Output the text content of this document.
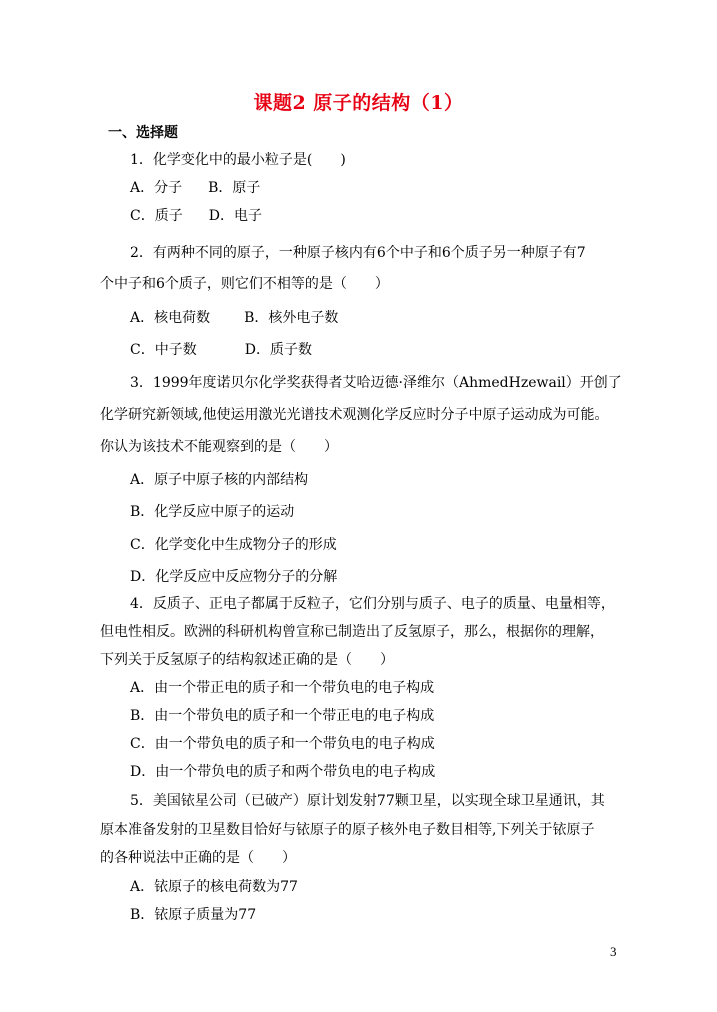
课题2 原子的结构（1）
一、选择题
1．化学变化中的最小粒子是(　　)
A．分子 B．原子
C．质子 D．电子
2．有两种不同的原子，一种原子核内有6个中子和6个质子另一种原子有7
个中子和6个质子，则它们不相等的是（　　）
A．核电荷数 B．核外电子数
C．中子数	D．质子数
3．1999年度诺贝尔化学奖获得者艾哈迈德·泽维尔（AhmedHzewail）开创了
化学研究新领域,他使运用激光光谱技术观测化学反应时分子中原子运动成为可能。
你认为该技术不能观察到的是（　　）
A．原子中原子核的内部结构
B．化学反应中原子的运动
C．化学变化中生成物分子的形成
D．化学反应中反应物分子的分解
4．反质子、正电子都属于反粒子，它们分别与质子、电子的质量、电量相等，
但电性相反。欧洲的科研机构曾宣称已制造出了反氢原子，那么，根据你的理解，
下列关于反氢原子的结构叙述正确的是（　　）
A．由一个带正电的质子和一个带负电的电子构成
B．由一个带负电的质子和一个带正电的电子构成
C．由一个带负电的质子和一个带负电的电子构成
D．由一个带负电的质子和两个带负电的电子构成
5．美国铱星公司（已破产）原计划发射77颗卫星，以实现全球卫星通讯，其
原本准备发射的卫星数目恰好与铱原子的原子核外电子数目相等,下列关于铱原子
的各种说法中正确的是（　　）
A．铱原子的核电荷数为77
B．铱原子质量为77
3
